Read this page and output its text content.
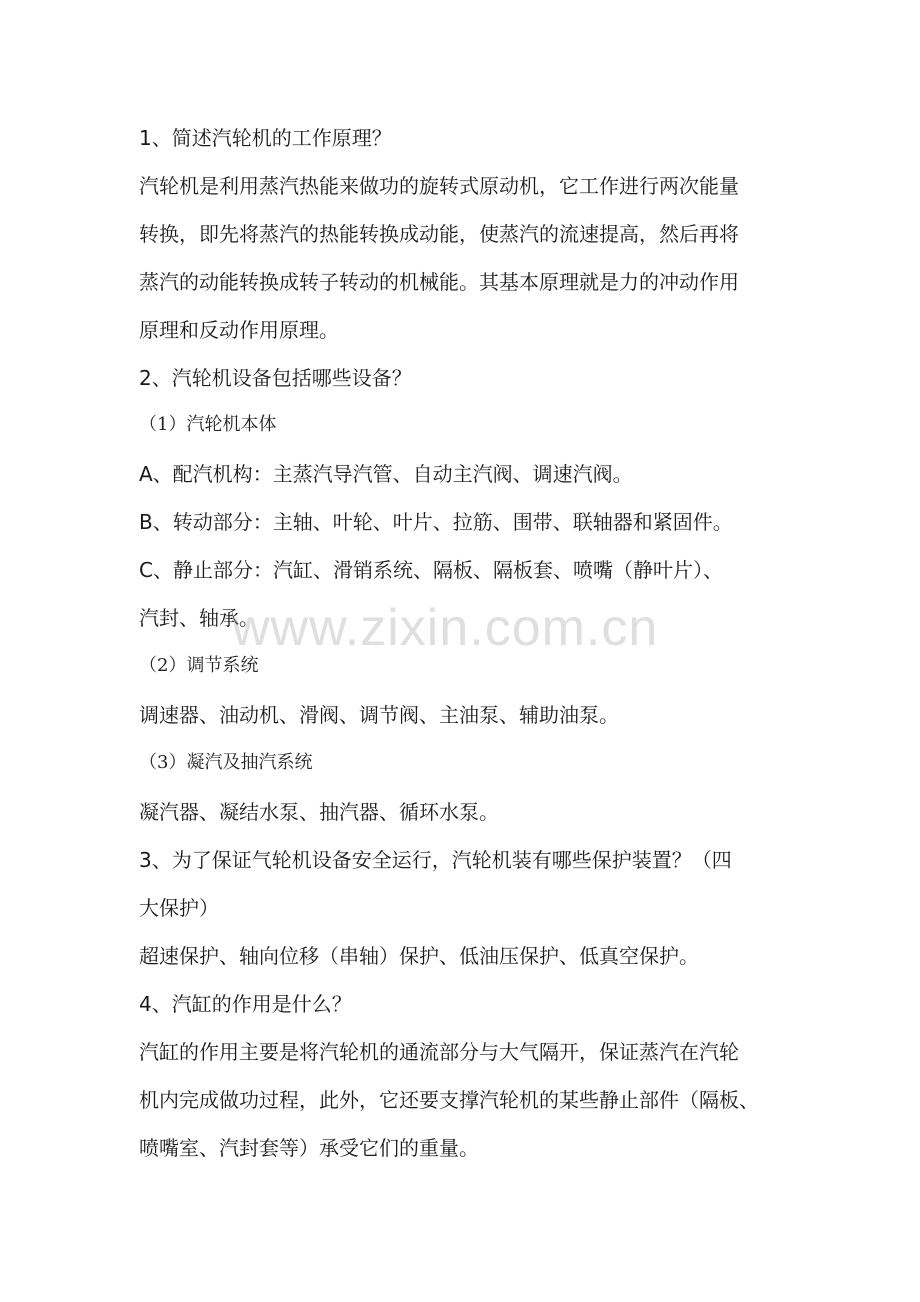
1、简述汽轮机的工作原理？
汽轮机是利用蒸汽热能来做功的旋转式原动机，它工作进行两次能量
转换，即先将蒸汽的热能转换成动能，使蒸汽的流速提高，然后再将
蒸汽的动能转换成转子转动的机械能。其基本原理就是力的冲动作用
原理和反动作用原理。
2、汽轮机设备包括哪些设备？
（1）汽轮机本体
A、配汽机构：主蒸汽导汽管、自动主汽阀、调速汽阀。
B、转动部分：主轴、叶轮、叶片、拉筋、围带、联轴器和紧固件。
C、静止部分：汽缸、滑销系统、隔板、隔板套、喷嘴（静叶片）、
汽封、轴承。
（2）调节系统
调速器、油动机、滑阀、调节阀、主油泵、辅助油泵。
（3）凝汽及抽汽系统
凝汽器、凝结水泵、抽汽器、循环水泵。
3、为了保证气轮机设备安全运行，汽轮机装有哪些保护装置？（四
大保护）
超速保护、轴向位移（串轴）保护、低油压保护、低真空保护。
4、汽缸的作用是什么？
汽缸的作用主要是将汽轮机的通流部分与大气隔开，保证蒸汽在汽轮
机内完成做功过程，此外，它还要支撑汽轮机的某些静止部件（隔板、
喷嘴室、汽封套等）承受它们的重量。
www.zixin.com.cn
